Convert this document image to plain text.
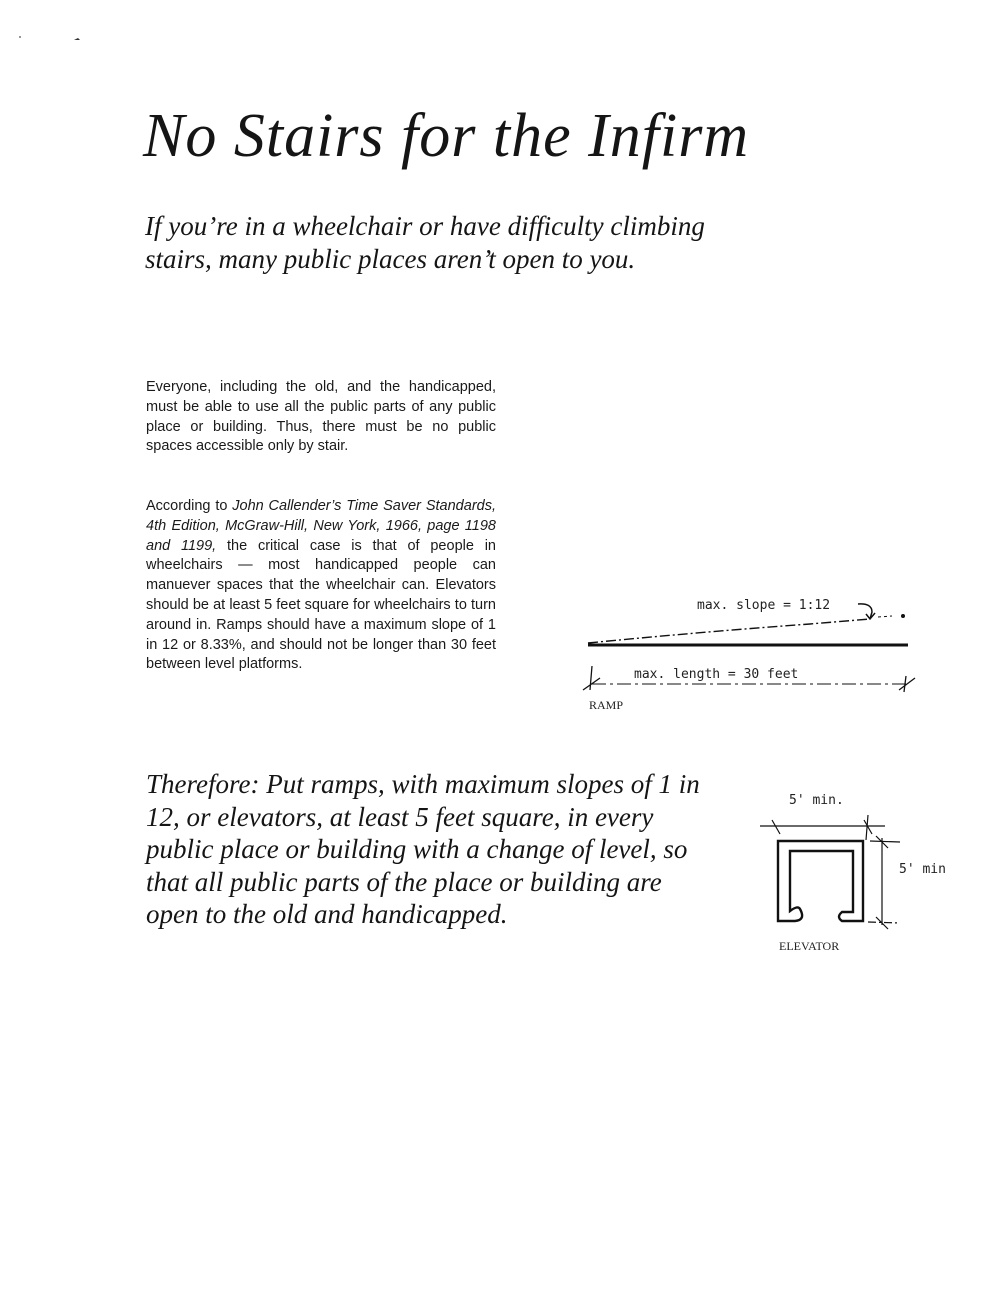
No Stairs for the Infirm

If you’re in a wheelchair or have difficulty climbing stairs, many public places aren’t open to you.

Everyone, including the old, and the handicapped, must be able to use all the public parts of any public place or building. Thus, there must be no public spaces accessible only by stair.

According to John Callender’s Time Saver Standards, 4th Edition, McGraw-Hill, New York, 1966, page 1198 and 1199, the critical case is that of people in wheelchairs — most handicapped people can manuever spaces that the wheelchair can. Elevators should be at least 5 feet square for wheelchairs to turn around in. Ramps should have a maximum slope of 1 in 12 or 8.33%, and should not be longer than 30 feet between level platforms.

Therefore: Put ramps, with maximum slopes of 1 in 12, or elevators, at least 5 feet square, in every public place or building with a change of level, so that all public parts of the place or building are open to the old and handicapped.

max. slope = 1:12
max. length = 30 feet
RAMP
5' min.
5' min
ELEVATOR
